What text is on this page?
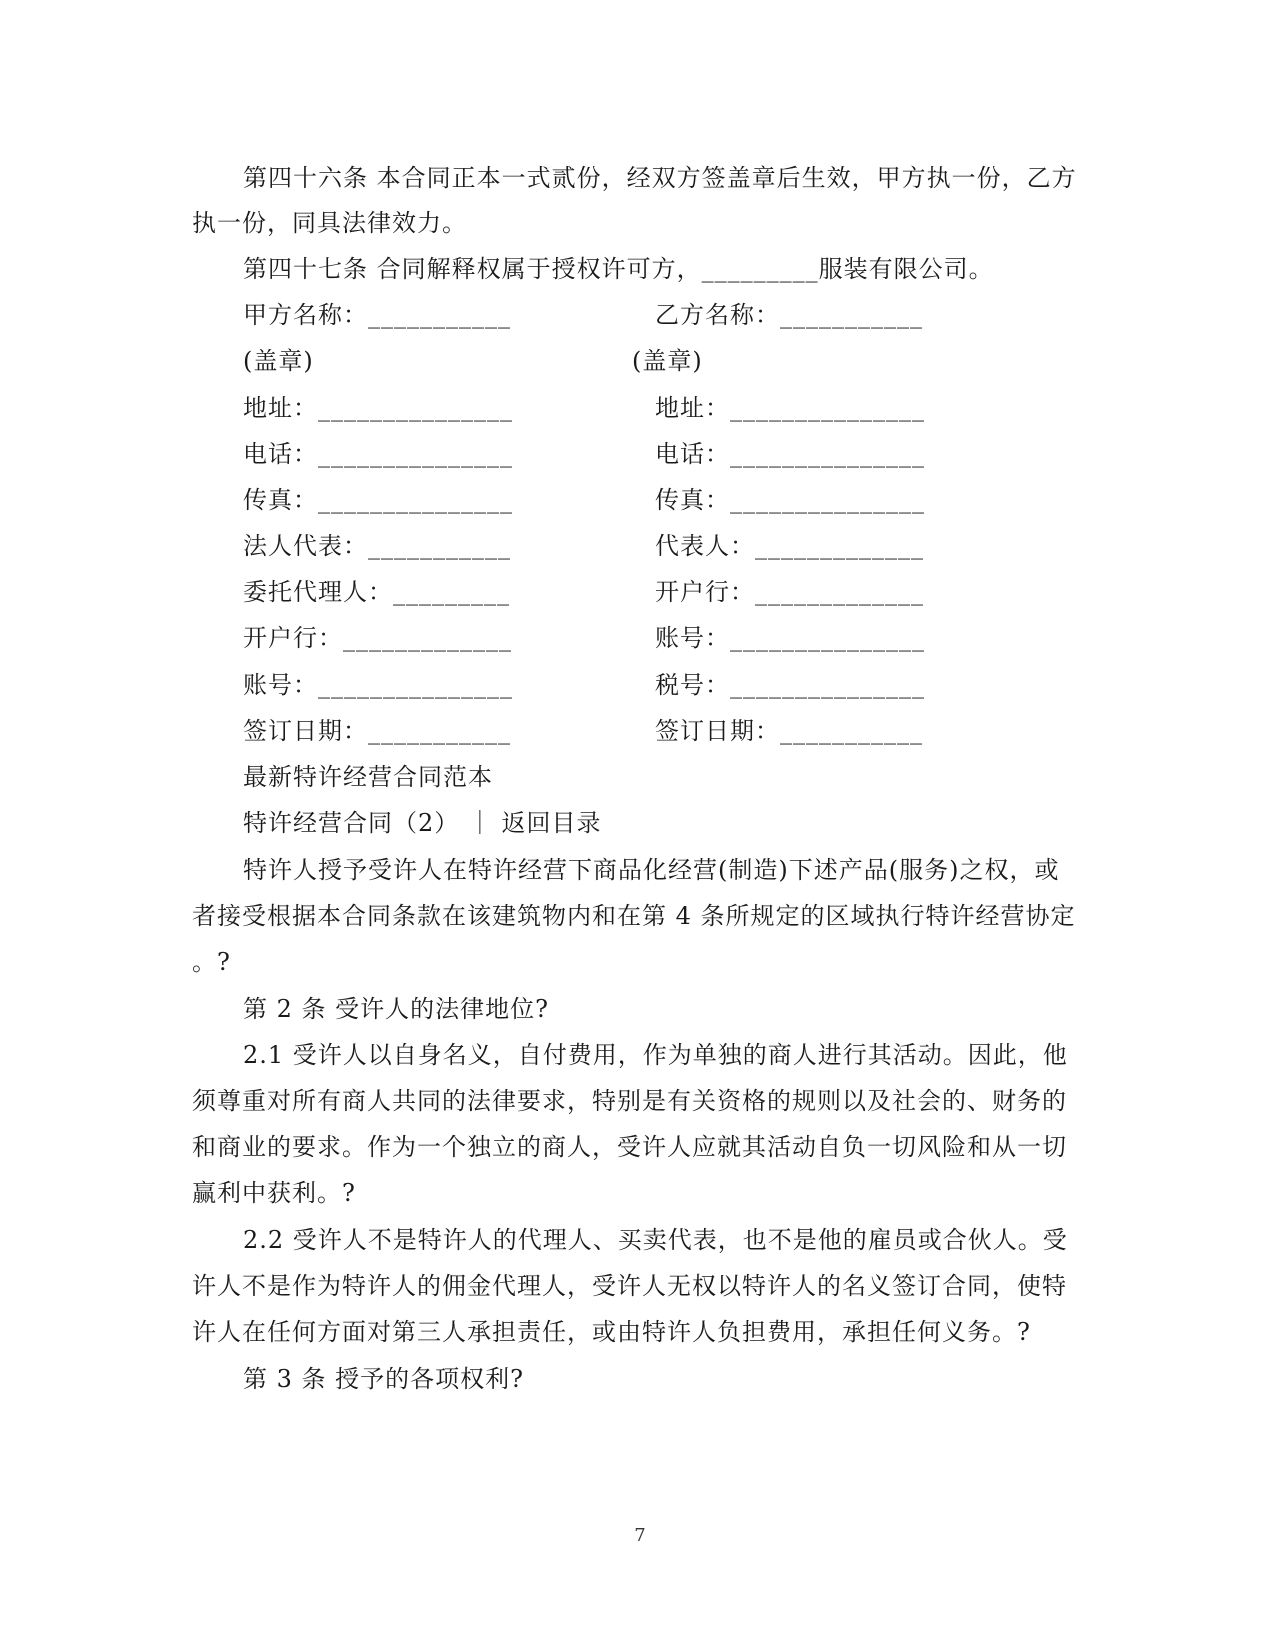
第四十六条 本合同正本一式贰份，经双方签盖章后生效，甲方执一份，乙方
执一份，同具法律效力。
第四十七条 合同解释权属于授权许可方，_________服装有限公司。
甲方名称：___________	乙方名称：___________
(盖章)	(盖章)
地址：_______________	地址：_______________
电话：_______________	电话：_______________
传真：_______________	传真：_______________
法人代表：___________	代表人：_____________
委托代理人：_________	开户行：_____________
开户行：_____________	账号：_______________
账号：_______________	税号：_______________
签订日期：___________	签订日期：___________
最新特许经营合同范本
特许经营合同（2） ｜ 返回目录
特许人授予受许人在特许经营下商品化经营(制造)下述产品(服务)之权，或
者接受根据本合同条款在该建筑物内和在第 4 条所规定的区域执行特许经营协定
。?
第 2 条 受许人的法律地位?
2.1 受许人以自身名义，自付费用，作为单独的商人进行其活动。因此，他
须尊重对所有商人共同的法律要求，特别是有关资格的规则以及社会的、财务的
和商业的要求。作为一个独立的商人，受许人应就其活动自负一切风险和从一切
赢利中获利。?
2.2 受许人不是特许人的代理人、买卖代表，也不是他的雇员或合伙人。受
许人不是作为特许人的佣金代理人，受许人无权以特许人的名义签订合同，使特
许人在任何方面对第三人承担责任，或由特许人负担费用，承担任何义务。?
第 3 条 授予的各项权利?
7
